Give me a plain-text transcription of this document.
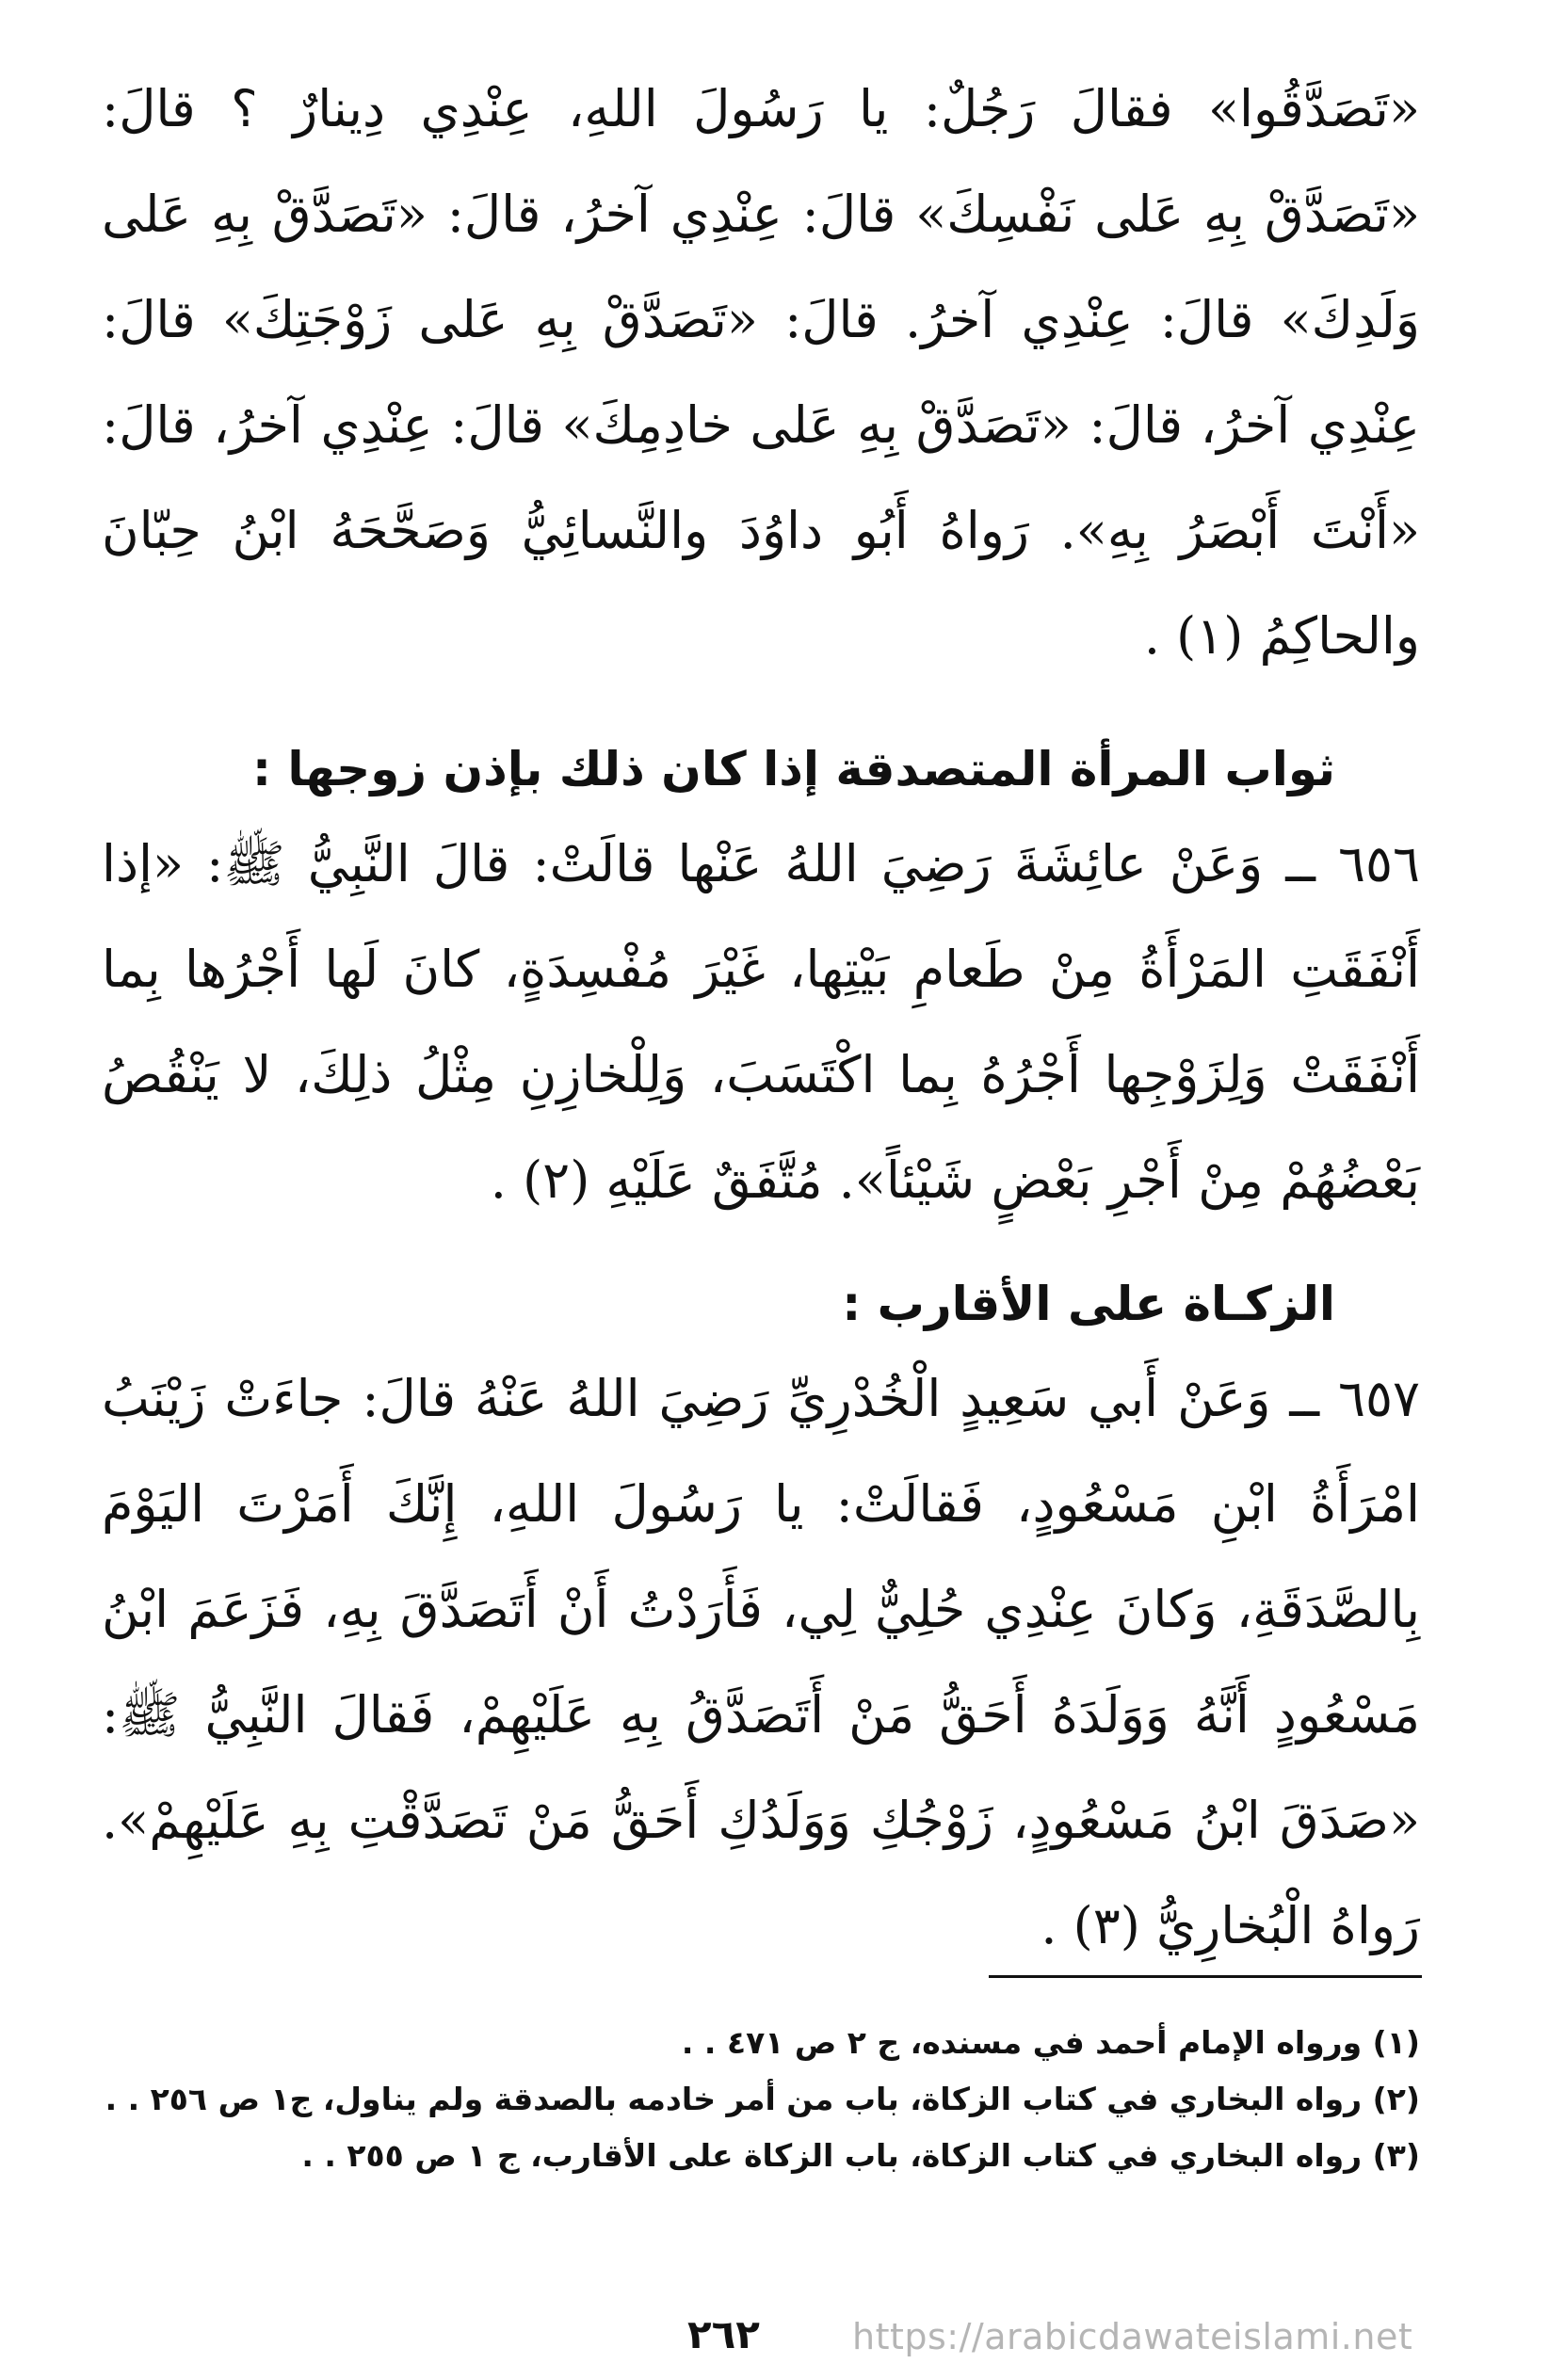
«تَصَدَّقُوا» فقالَ رَجُلٌ: يا رَسُولَ اللهِ، عِنْدِي دِينارٌ ؟ قالَ: «تَصَدَّقْ بِهِ عَلى نَفْسِكَ» قالَ: عِنْدِي آخرُ، قالَ: «تَصَدَّقْ بِهِ عَلى وَلَدِكَ» قالَ: عِنْدِي آخرُ. قالَ: «تَصَدَّقْ بِهِ عَلى زَوْجَتِكَ» قالَ: عِنْدِي آخرُ، قالَ: «تَصَدَّقْ بِهِ عَلى خادِمِكَ» قالَ: عِنْدِي آخرُ، قالَ: «أَنْتَ أَبْصَرُ بِهِ». رَواهُ أَبُو داوُدَ والنَّسائِيُّ وَصَحَّحَهُ ابْنُ حِبّانَ والحاكِمُ (١) .

ثواب المرأة المتصدقة إذا كان ذلك بإذن زوجها :

٦٥٦ ــ وَعَنْ عائِشَةَ رَضِيَ اللهُ عَنْها قالَتْ: قالَ النَّبِيُّ ﷺ: «إذا أَنْفَقَتِ المَرْأَةُ مِنْ طَعامِ بَيْتِها، غَيْرَ مُفْسِدَةٍ، كانَ لَها أَجْرُها بِما أَنْفَقَتْ وَلِزَوْجِها أَجْرُهُ بِما اكْتَسَبَ، وَلِلْخازِنِ مِثْلُ ذلِكَ، لا يَنْقُصُ بَعْضُهُمْ مِنْ أَجْرِ بَعْضٍ شَيْئاً». مُتَّفَقٌ عَلَيْهِ (٢) .

الزكـاة على الأقارب :

٦٥٧ ــ وَعَنْ أَبي سَعِيدٍ الْخُدْرِيِّ رَضِيَ اللهُ عَنْهُ قالَ: جاءَتْ زَيْنَبُ امْرَأَةُ ابْنِ مَسْعُودٍ، فَقالَتْ: يا رَسُولَ اللهِ، إِنَّكَ أَمَرْتَ اليَوْمَ بِالصَّدَقَةِ، وَكانَ عِنْدِي حُلِيٌّ لِي، فَأَرَدْتُ أَنْ أَتَصَدَّقَ بِهِ، فَزَعَمَ ابْنُ مَسْعُودٍ أَنَّهُ وَوَلَدَهُ أَحَقُّ مَنْ أَتَصَدَّقُ بِهِ عَلَيْهِمْ، فَقالَ النَّبِيُّ ﷺ: «صَدَقَ ابْنُ مَسْعُودٍ، زَوْجُكِ وَوَلَدُكِ أَحَقُّ مَنْ تَصَدَّقْتِ بِهِ عَلَيْهِمْ». رَواهُ الْبُخارِيُّ (٣) .

(١) ورواه الإمام أحمد في مسنده، ج ٢ ص ٤٧١ . .

(٢) رواه البخاري في كتاب الزكاة، باب من أمر خادمه بالصدقة ولم يناول، ج١ ص ٢٥٦ . .

(٣) رواه البخاري في كتاب الزكاة، باب الزكاة على الأقارب، ج ١ ص ٢٥٥ . .

٢٦٢	https://arabicdawateislami.net
